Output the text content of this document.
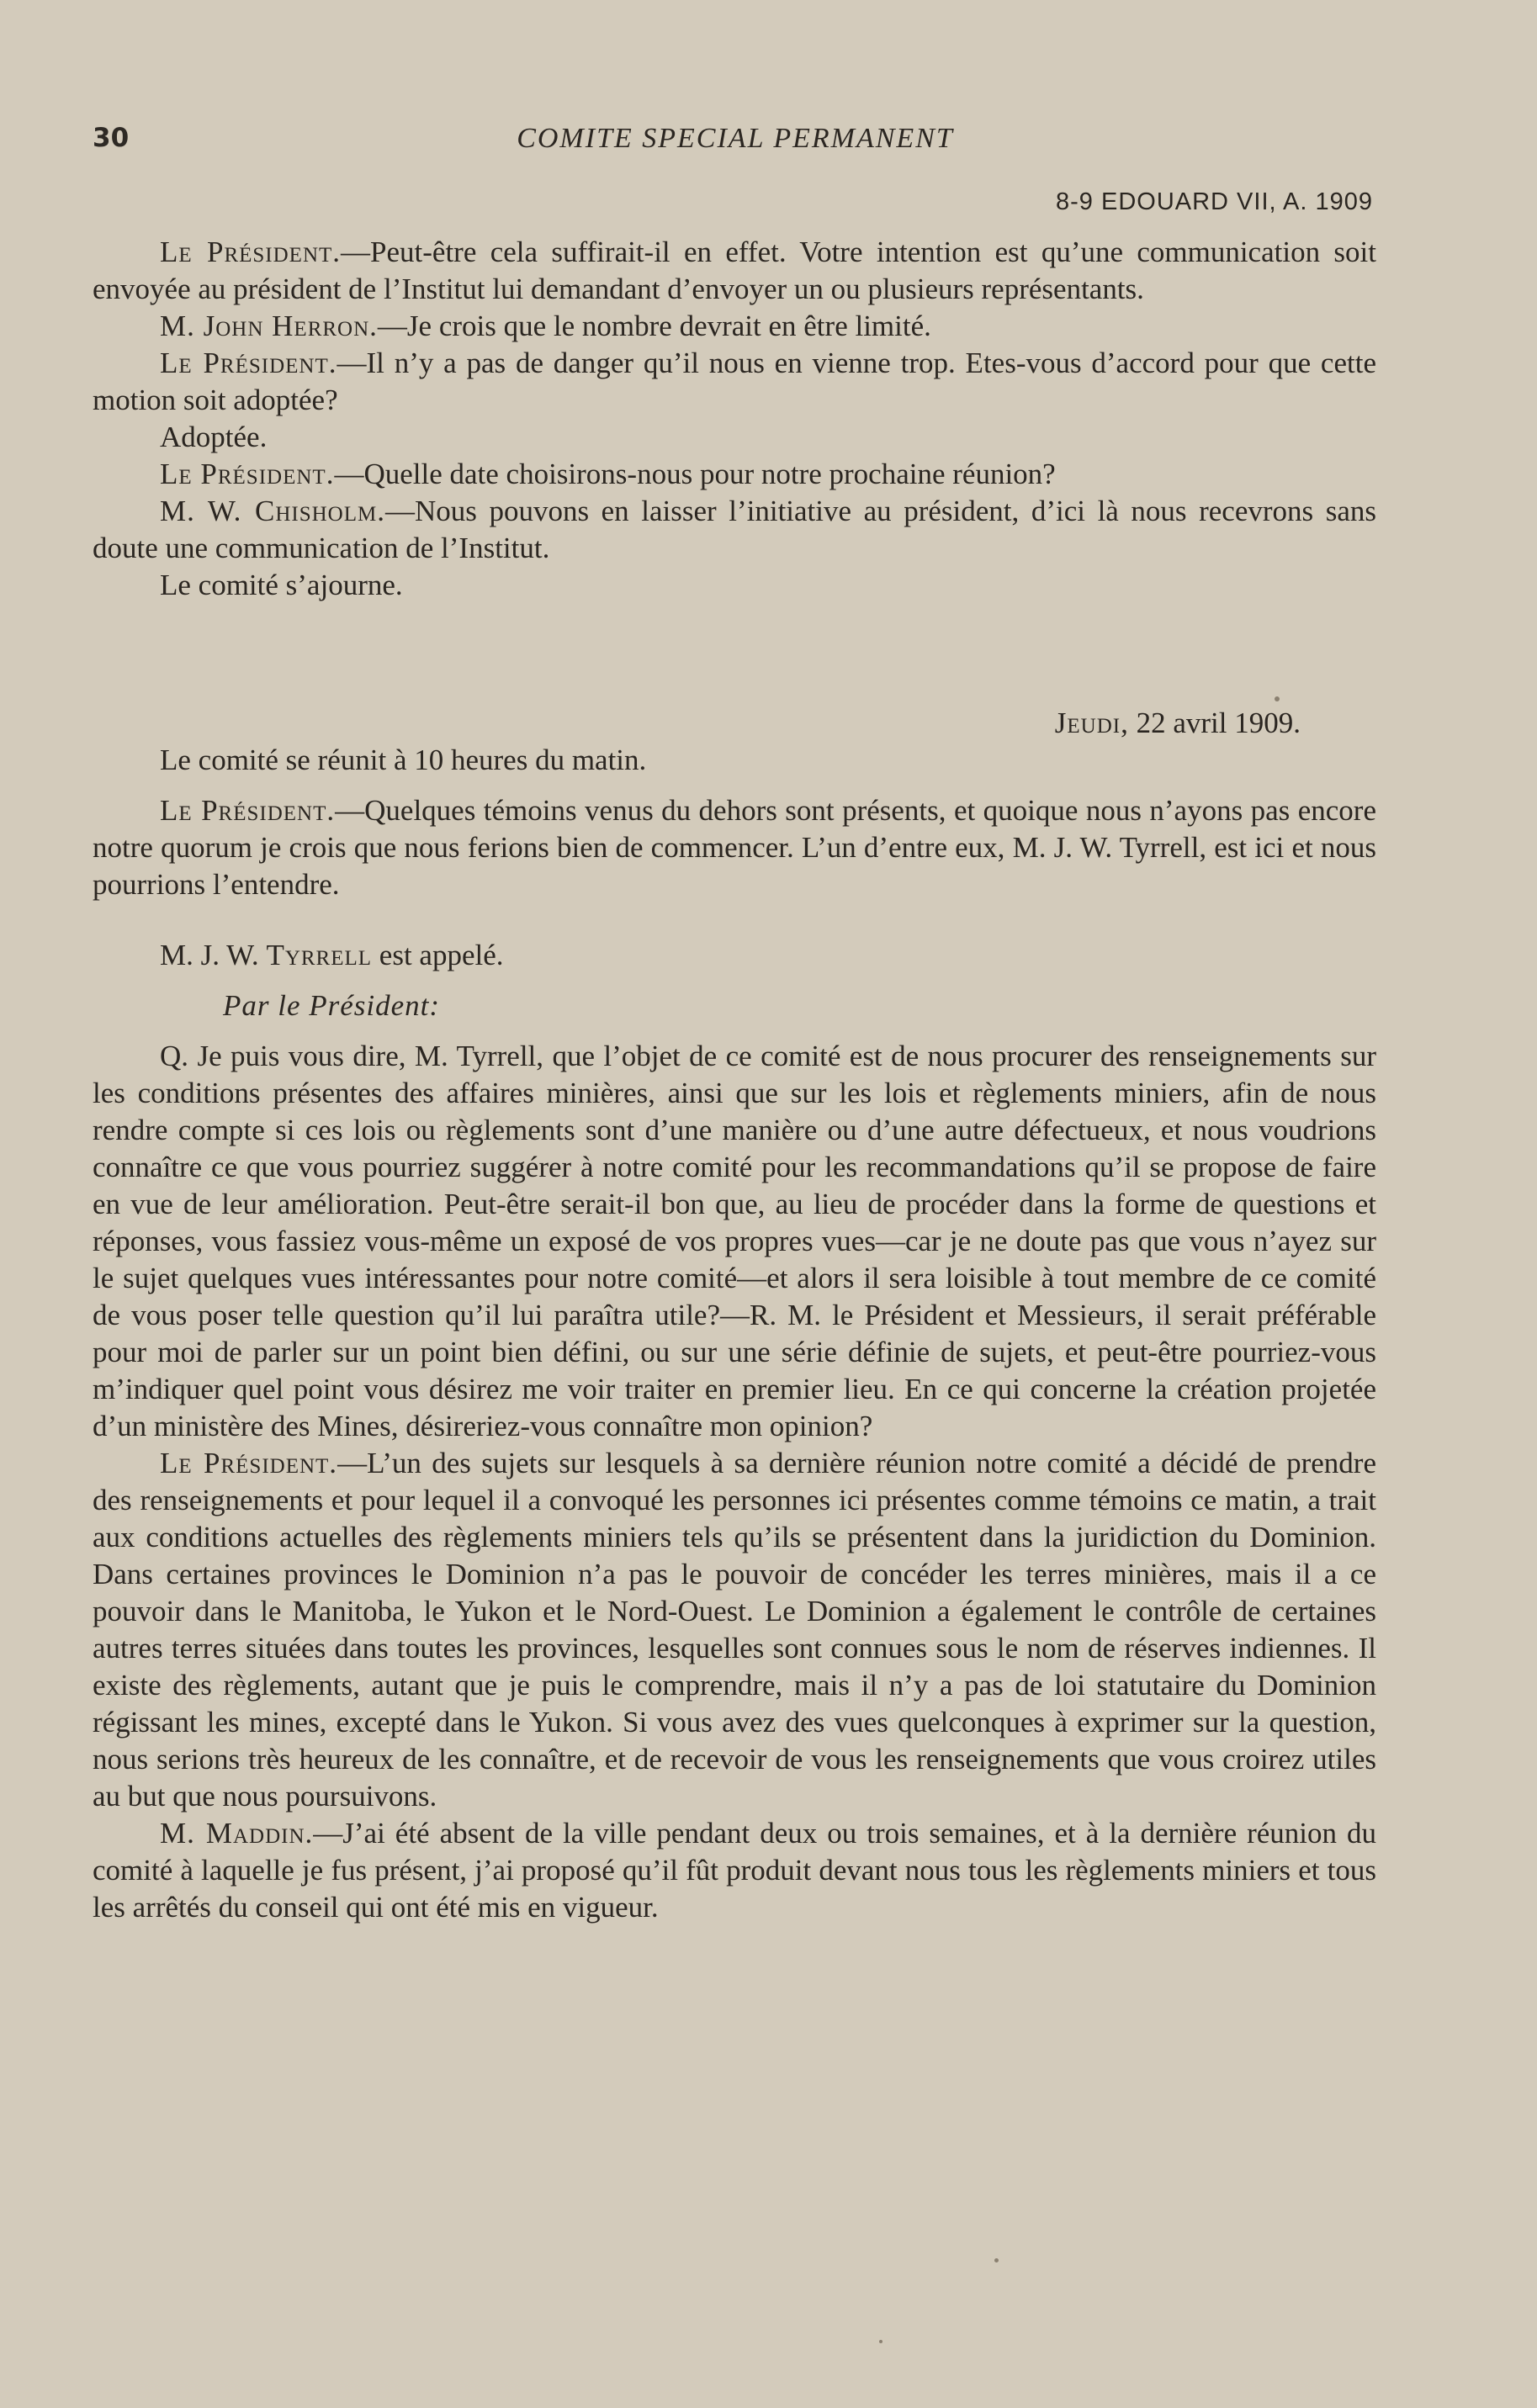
30	COMITE SPECIAL PERMANENT
8-9 EDOUARD VII, A. 1909

Le Président.—Peut-être cela suffirait-il en effet. Votre intention est qu’une communication soit envoyée au président de l’Institut lui demandant d’envoyer un ou plusieurs représentants.

M. John Herron.—Je crois que le nombre devrait en être limité.

Le Président.—Il n’y a pas de danger qu’il nous en vienne trop. Etes-vous d’accord pour que cette motion soit adoptée?

Adoptée.

Le Président.—Quelle date choisirons-nous pour notre prochaine réunion?

M. W. Chisholm.—Nous pouvons en laisser l’initiative au président, d’ici là nous recevrons sans doute une communication de l’Institut.

Le comité s’ajourne.

Jeudi, 22 avril 1909.

Le comité se réunit à 10 heures du matin.

Le Président.—Quelques témoins venus du dehors sont présents, et quoique nous n’ayons pas encore notre quorum je crois que nous ferions bien de commencer. L’un d’entre eux, M. J. W. Tyrrell, est ici et nous pourrions l’entendre.

M. J. W. Tyrrell est appelé.

Par le Président:

Q. Je puis vous dire, M. Tyrrell, que l’objet de ce comité est de nous procurer des renseignements sur les conditions présentes des affaires minières, ainsi que sur les lois et règlements miniers, afin de nous rendre compte si ces lois ou règlements sont d’une manière ou d’une autre défectueux, et nous voudrions connaître ce que vous pourriez suggérer à notre comité pour les recommandations qu’il se propose de faire en vue de leur amélioration. Peut-être serait-il bon que, au lieu de procéder dans la forme de questions et réponses, vous fassiez vous-même un exposé de vos propres vues—car je ne doute pas que vous n’ayez sur le sujet quelques vues intéressantes pour notre comité—et alors il sera loisible à tout membre de ce comité de vous poser telle question qu’il lui paraîtra utile?—R. M. le Président et Messieurs, il serait préférable pour moi de parler sur un point bien défini, ou sur une série définie de sujets, et peut-être pourriez-vous m’indiquer quel point vous désirez me voir traiter en premier lieu. En ce qui concerne la création projetée d’un ministère des Mines, désireriez-vous connaître mon opinion?

Le Président.—L’un des sujets sur lesquels à sa dernière réunion notre comité a décidé de prendre des renseignements et pour lequel il a convoqué les personnes ici présentes comme témoins ce matin, a trait aux conditions actuelles des règlements miniers tels qu’ils se présentent dans la juridiction du Dominion. Dans certaines provinces le Dominion n’a pas le pouvoir de concéder les terres minières, mais il a ce pouvoir dans le Manitoba, le Yukon et le Nord-Ouest. Le Dominion a également le contrôle de certaines autres terres situées dans toutes les provinces, lesquelles sont connues sous le nom de réserves indiennes. Il existe des règlements, autant que je puis le comprendre, mais il n’y a pas de loi statutaire du Dominion régissant les mines, excepté dans le Yukon. Si vous avez des vues quelconques à exprimer sur la question, nous serions très heureux de les connaître, et de recevoir de vous les renseignements que vous croirez utiles au but que nous poursuivons.

M. Maddin.—J’ai été absent de la ville pendant deux ou trois semaines, et à la dernière réunion du comité à laquelle je fus présent, j’ai proposé qu’il fût produit devant nous tous les règlements miniers et tous les arrêtés du conseil qui ont été mis en vigueur.
